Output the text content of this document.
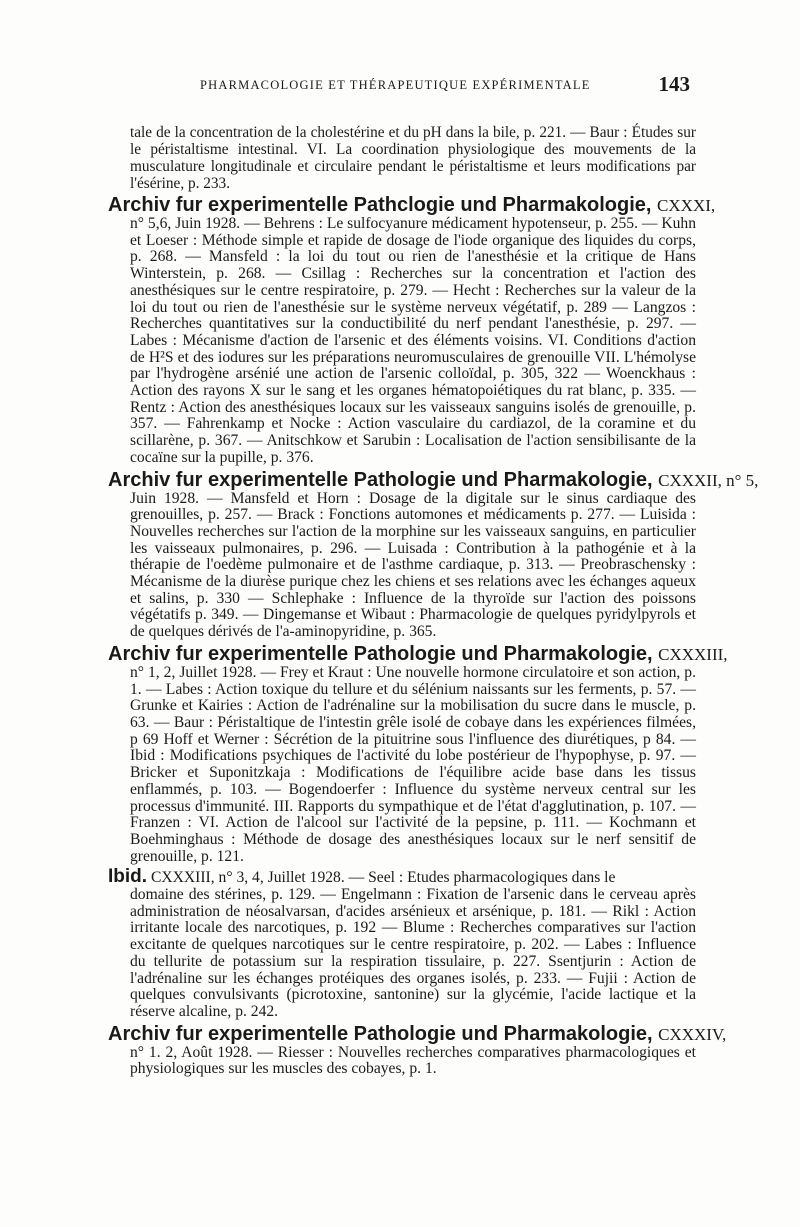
PHARMACOLOGIE ET THÉRAPEUTIQUE EXPÉRIMENTALE	143

tale de la concentration de la cholestérine et du pH dans la bile, p. 221. — Baur : Études sur le péristaltisme intestinal. VI. La coordination physiologique des mouvements de la musculature longitudinale et circulaire pendant le péristaltisme et leurs modifications par l'ésérine, p. 233.

Archiv fur experimentelle Pathclogie und Pharmakologie, CXXXI,

n° 5,6, Juin 1928. — Behrens : Le sulfocyanure médicament hypotenseur, p. 255. — Kuhn et Loeser : Méthode simple et rapide de dosage de l'iode organique des liquides du corps, p. 268. — Mansfeld : la loi du tout ou rien de l'anesthésie et la critique de Hans Winterstein, p. 268. — Csillag : Recherches sur la concentration et l'action des anesthésiques sur le centre respiratoire, p. 279. — Hecht : Recherches sur la valeur de la loi du tout ou rien de l'anesthésie sur le système nerveux végétatif, p. 289 — Langzos : Recherches quantitatives sur la conductibilité du nerf pendant l'anesthésie, p. 297. — Labes : Mécanisme d'action de l'arsenic et des éléments voisins. VI. Conditions d'action de H²S et des iodures sur les préparations neuromusculaires de grenouille VII. L'hémolyse par l'hydrogène arsénié une action de l'arsenic colloïdal, p. 305, 322 — Woenckhaus : Action des rayons X sur le sang et les organes hématopoiétiques du rat blanc, p. 335. — Rentz : Action des anesthésiques locaux sur les vaisseaux sanguins isolés de grenouille, p. 357. — Fahrenkamp et Nocke : Action vasculaire du cardiazol, de la coramine et du scillarène, p. 367. — Anitschkow et Sarubin : Localisation de l'action sensibilisante de la cocaïne sur la pupille, p. 376.

Archiv fur experimentelle Pathologie und Pharmakologie, CXXXII, n° 5,

Juin 1928. — Mansfeld et Horn : Dosage de la digitale sur le sinus cardiaque des grenouilles, p. 257. — Brack : Fonctions automones et médicaments p. 277. — Luisida : Nouvelles recherches sur l'action de la morphine sur les vaisseaux sanguins, en particulier les vaisseaux pulmonaires, p. 296. — Luisada : Contribution à la pathogénie et à la thérapie de l'oedème pulmonaire et de l'asthme cardiaque, p. 313. — Preobraschensky : Mécanisme de la diurèse purique chez les chiens et ses relations avec les échanges aqueux et salins, p. 330 — Schlephake : Influence de la thyroïde sur l'action des poissons végétatifs p. 349. — Dingemanse et Wibaut : Pharmacologie de quelques pyridylpyrols et de quelques dérivés de l'a-aminopyridine, p. 365.

Archiv fur experimentelle Pathologie und Pharmakologie, CXXXIII,

n° 1, 2, Juillet 1928. — Frey et Kraut : Une nouvelle hormone circulatoire et son action, p. 1. — Labes : Action toxique du tellure et du sélénium naissants sur les ferments, p. 57. — Grunke et Kairies : Action de l'adrénaline sur la mobilisation du sucre dans le muscle, p. 63. — Baur : Péristaltique de l'intestin grêle isolé de cobaye dans les expériences filmées, p 69 Hoff et Werner : Sécrétion de la pituitrine sous l'influence des diurétiques, p 84. — Ibid : Modifications psychiques de l'activité du lobe postérieur de l'hypophyse, p. 97. — Bricker et Suponitzkaja : Modifications de l'équilibre acide base dans les tissus enflammés, p. 103. — Bogendoerfer : Influence du système nerveux central sur les processus d'immunité. III. Rapports du sympathique et de l'état d'agglutination, p. 107. — Franzen : VI. Action de l'alcool sur l'activité de la pepsine, p. 111. — Kochmann et Boehminghaus : Méthode de dosage des anesthésiques locaux sur le nerf sensitif de grenouille, p. 121.

Ibid. CXXXIII, n° 3, 4, Juillet 1928. — Seel : Etudes pharmacologiques dans le

domaine des stérines, p. 129. — Engelmann : Fixation de l'arsenic dans le cerveau après administration de néosalvarsan, d'acides arsénieux et arsénique, p. 181. — Rikl : Action irritante locale des narcotiques, p. 192 — Blume : Recherches comparatives sur l'action excitante de quelques narcotiques sur le centre respiratoire, p. 202. — Labes : Influence du tellurite de potassium sur la respiration tissulaire, p. 227. Ssentjurin : Action de l'adrénaline sur les échanges protéiques des organes isolés, p. 233. — Fujii : Action de quelques convulsivants (picrotoxine, santonine) sur la glycémie, l'acide lactique et la réserve alcaline, p. 242.

Archiv fur experimentelle Pathologie und Pharmakologie, CXXXIV,

n° 1. 2, Août 1928. — Riesser : Nouvelles recherches comparatives pharmacologiques et physiologiques sur les muscles des cobayes, p. 1.
